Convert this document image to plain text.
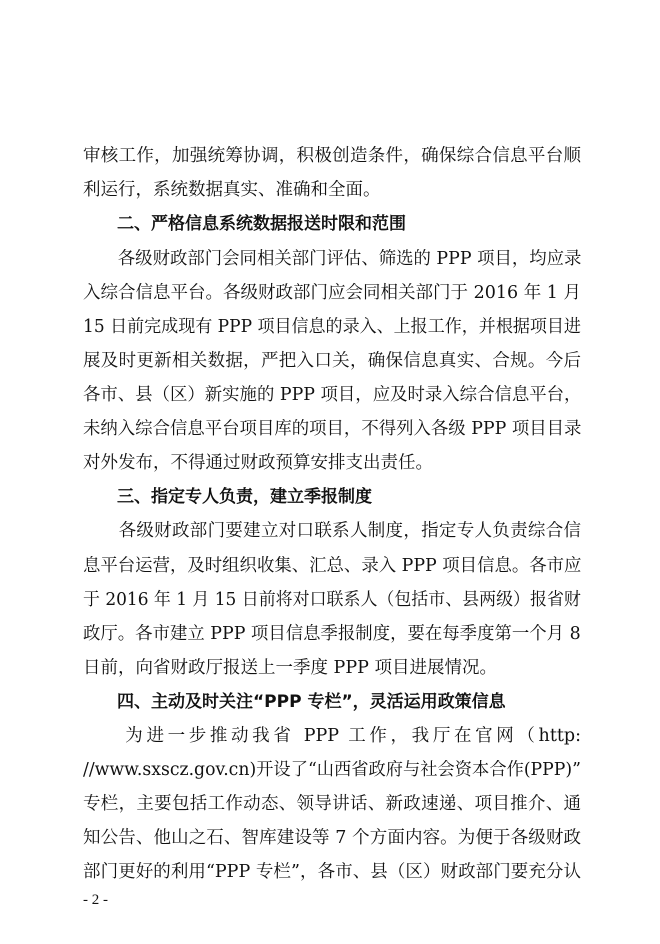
审核工作，加强统筹协调，积极创造条件，确保综合信息平台顺
利运行，系统数据真实、准确和全面。
　　二、严格信息系统数据报送时限和范围
　　各级财政部门会同相关部门评估、筛选的 PPP 项目，均应录
入综合信息平台。各级财政部门应会同相关部门于 2016 年 1 月
15 日前完成现有 PPP 项目信息的录入、上报工作，并根据项目进
展及时更新相关数据，严把入口关，确保信息真实、合规。今后
各市、县（区）新实施的 PPP 项目，应及时录入综合信息平台，
未纳入综合信息平台项目库的项目，不得列入各级 PPP 项目目录
对外发布，不得通过财政预算安排支出责任。
　　三、指定专人负责，建立季报制度
　　各级财政部门要建立对口联系人制度，指定专人负责综合信
息平台运营，及时组织收集、汇总、录入 PPP 项目信息。各市应
于 2016 年 1 月 15 日前将对口联系人（包括市、县两级）报省财
政厅。各市建立 PPP 项目信息季报制度，要在每季度第一个月 8
日前，向省财政厅报送上一季度 PPP 项目进展情况。
　　四、主动及时关注“PPP 专栏”，灵活运用政策信息
　　为进一步推动我省 PPP 工作，我厅在官网（http:
//www.sxscz.gov.cn)开设了“山西省政府与社会资本合作(PPP)”
专栏，主要包括工作动态、领导讲话、新政速递、项目推介、通
知公告、他山之石、智库建设等 7 个方面内容。为便于各级财政
部门更好的利用“PPP 专栏”，各市、县（区）财政部门要充分认
- 2 -
